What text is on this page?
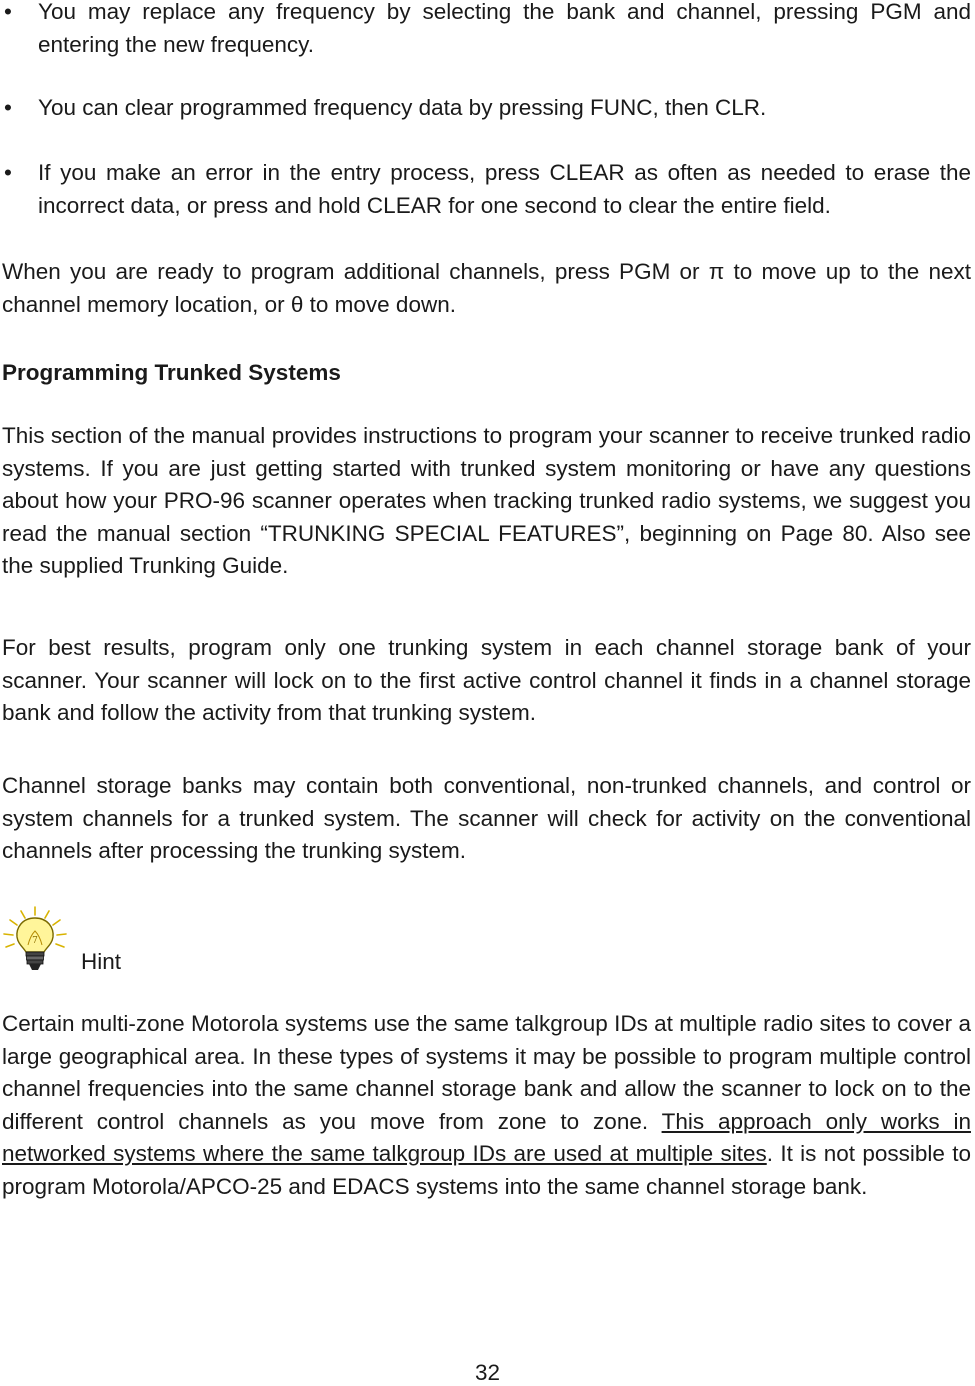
•	You may replace any frequency by selecting the bank and channel, pressing PGM and entering the new frequency.
•	You can clear programmed frequency data by pressing FUNC, then CLR.
•	If you make an error in the entry process, press CLEAR as often as needed to erase the incorrect data, or press and hold CLEAR for one second to clear the entire field.

When you are ready to program additional channels, press PGM or π to move up to the next channel memory location, or θ to move down.

Programming Trunked Systems

This section of the manual provides instructions to program your scanner to receive trunked radio systems. If you are just getting started with trunked system monitoring or have any questions about how your PRO-96 scanner operates when tracking trunked radio systems, we suggest you read the manual section “TRUNKING SPECIAL FEATURES”, beginning on Page 80. Also see the supplied Trunking Guide.

For best results, program only one trunking system in each channel storage bank of your scanner. Your scanner will lock on to the first active control channel it finds in a channel storage bank and follow the activity from that trunking system.

Channel storage banks may contain both conventional, non-trunked channels, and control or system channels for a trunked system. The scanner will check for activity on the conventional channels after processing the trunking system.

7
Hint

Certain multi-zone Motorola systems use the same talkgroup IDs at multiple radio sites to cover a large geographical area. In these types of systems it may be possible to program multiple control channel frequencies into the same channel storage bank and allow the scanner to lock on to the different control channels as you move from zone to zone. This approach only works in networked systems where the same talkgroup IDs are used at multiple sites. It is not possible to program Motorola/APCO-25 and EDACS systems into the same channel storage bank.

32
